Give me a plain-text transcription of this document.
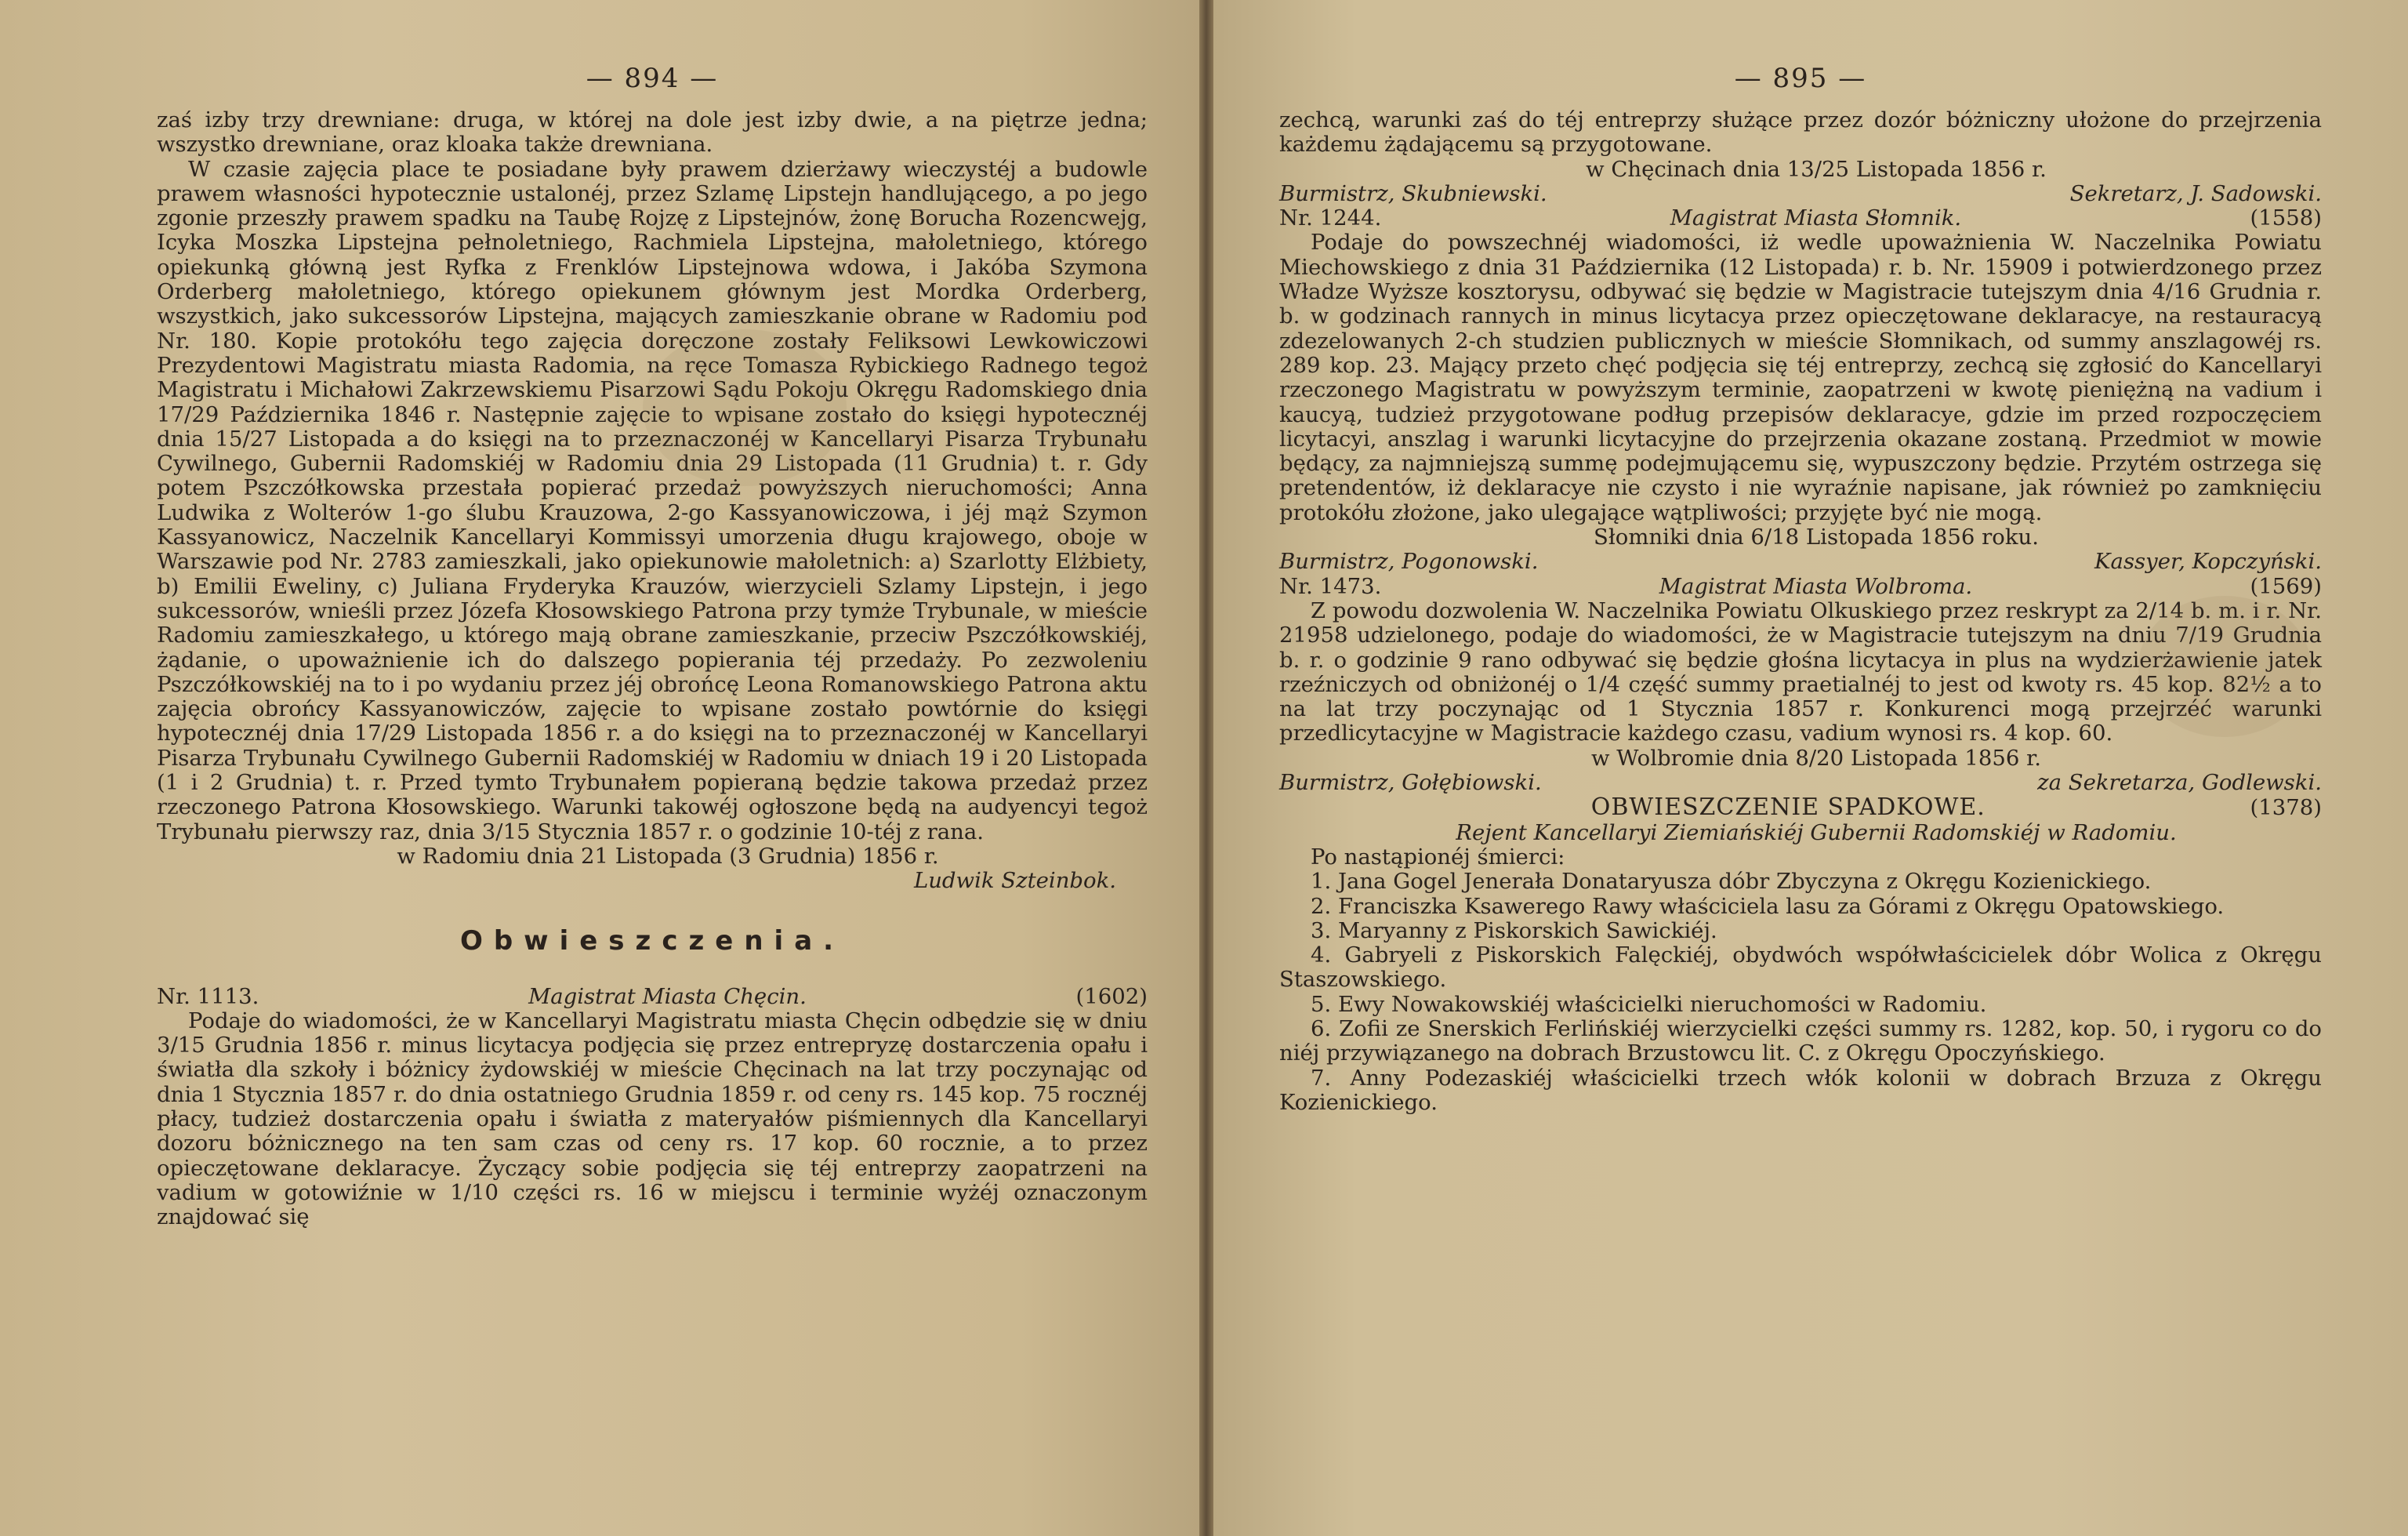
— 894 —

zaś izby trzy drewniane: druga, w której na dole jest izby dwie, a na piętrze jedna; wszystko drewniane, oraz kloaka także drewniana.

W czasie zajęcia place te posiadane były prawem dzierżawy wieczystéj a budowle prawem własności hypotecznie ustalonéj, przez Szlamę Lipstejn handlującego, a po jego zgonie przeszły prawem spadku na Taubę Rojzę z Lipstejnów, żonę Borucha Rozencwejg, Icyka Moszka Lipstejna pełnoletniego, Rachmiela Lipstejna, małoletniego, którego opiekunką główną jest Ryfka z Frenklów Lipstejnowa wdowa, i Jakóba Szymona Orderberg małoletniego, którego opiekunem głównym jest Mordka Orderberg, wszystkich, jako sukcessorów Lipstejna, mających zamieszkanie obrane w Radomiu pod Nr. 180. Kopie protokółu tego zajęcia doręczone zostały Feliksowi Lewkowiczowi Prezydentowi Magistratu miasta Radomia, na ręce Tomasza Rybickiego Radnego tegoż Magistratu i Michałowi Zakrzewskiemu Pisarzowi Sądu Pokoju Okręgu Radomskiego dnia 17/29 Października 1846 r. Następnie zajęcie to wpisane zostało do księgi hypotecznéj dnia 15/27 Listopada a do księgi na to przeznaczonéj w Kancellaryi Pisarza Trybunału Cywilnego, Gubernii Radomskiéj w Radomiu dnia 29 Listopada (11 Grudnia) t. r. Gdy potem Pszczółkowska przestała popierać przedaż powyższych nieruchomości; Anna Ludwika z Wolterów 1-go ślubu Krauzowa, 2-go Kassyanowiczowa, i jéj mąż Szymon Kassyanowicz, Naczelnik Kancellaryi Kommissyi umorzenia długu krajowego, oboje w Warszawie pod Nr. 2783 zamieszkali, jako opiekunowie małoletnich: a) Szarlotty Elżbiety, b) Emilii Eweliny, c) Juliana Fryderyka Krauzów, wierzycieli Szlamy Lipstejn, i jego sukcessorów, wnieśli przez Józefa Kłosowskiego Patrona przy tymże Trybunale, w mieście Radomiu zamieszkałego, u którego mają obrane zamieszkanie, przeciw Pszczółkowskiéj, żądanie, o upoważnienie ich do dalszego popierania téj przedaży. Po zezwoleniu Pszczółkowskiéj na to i po wydaniu przez jéj obrońcę Leona Romanowskiego Patrona aktu zajęcia obrońcy Kassyanowiczów, zajęcie to wpisane zostało powtórnie do księgi hypotecznéj dnia 17/29 Listopada 1856 r. a do księgi na to przeznaczonéj w Kancellaryi Pisarza Trybunału Cywilnego Gubernii Radomskiéj w Radomiu w dniach 19 i 20 Listopada (1 i 2 Grudnia) t. r. Przed tymto Trybunałem popieraną będzie takowa przedaż przez rzeczonego Patrona Kłosowskiego. Warunki takowéj ogłoszone będą na audyencyi tegoż Trybunału pierwszy raz, dnia 3/15 Stycznia 1857 r. o godzinie 10-téj z rana.

w Radomiu dnia 21 Listopada (3 Grudnia) 1856 r.

Ludwik Szteinbok.

Obwieszczenia.
Nr. 1113.	Magistrat Miasta Chęcin.	(1602)

Podaje do wiadomości, że w Kancellaryi Magistratu miasta Chęcin odbędzie się w dniu 3/15 Grudnia 1856 r. minus licytacya podjęcia się przez entrepryzę dostarczenia opału i światła dla szkoły i bóżnicy żydowskiéj w mieście Chęcinach na lat trzy poczynając od dnia 1 Stycznia 1857 r. do dnia ostatniego Grudnia 1859 r. od ceny rs. 145 kop. 75 rocznéj płacy, tudzież dostarczenia opału i światła z materyałów piśmiennych dla Kancellaryi dozoru bóżnicznego na ten sam czas od ceny rs. 17 kop. 60 rocznie, a to przez opieczętowane deklaracye. Życzący sobie podjęcia się téj entreprzy zaopatrzeni na vadium w gotowiźnie w 1/10 części rs. 16 w miejscu i terminie wyżéj oznaczonym znajdować się

— 895 —

zechcą, warunki zaś do téj entreprzy służące przez dozór bóżniczny ułożone do przejrzenia każdemu żądającemu są przygotowane.

w Chęcinach dnia 13/25 Listopada 1856 r.

Burmistrz, Skubniewski.	Sekretarz, J. Sadowski.
Nr. 1244.	Magistrat Miasta Słomnik.	(1558)

Podaje do powszechnéj wiadomości, iż wedle upoważnienia W. Naczelnika Powiatu Miechowskiego z dnia 31 Października (12 Listopada) r. b. Nr. 15909 i potwierdzonego przez Władze Wyższe kosztorysu, odbywać się będzie w Magistracie tutejszym dnia 4/16 Grudnia r. b. w godzinach rannych in minus licytacya przez opieczętowane deklaracye, na restauracyą zdezelowanych 2-ch studzien publicznych w mieście Słomnikach, od summy anszlagowéj rs. 289 kop. 23. Mający przeto chęć podjęcia się téj entreprzy, zechcą się zgłosić do Kancellaryi rzeczonego Magistratu w powyższym terminie, zaopatrzeni w kwotę pieniężną na vadium i kaucyą, tudzież przygotowane podług przepisów deklaracye, gdzie im przed rozpoczęciem licytacyi, anszlag i warunki licytacyjne do przejrzenia okazane zostaną. Przedmiot w mowie będący, za najmniejszą summę podejmującemu się, wypuszczony będzie. Przytém ostrzega się pretendentów, iż deklaracye nie czysto i nie wyraźnie napisane, jak również po zamknięciu protokółu złożone, jako ulegające wątpliwości; przyjęte być nie mogą.

Słomniki dnia 6/18 Listopada 1856 roku.

Burmistrz, Pogonowski.	Kassyer, Kopczyński.
Nr. 1473.	Magistrat Miasta Wolbroma.	(1569)

Z powodu dozwolenia W. Naczelnika Powiatu Olkuskiego przez reskrypt za 2/14 b. m. i r. Nr. 21958 udzielonego, podaje do wiadomości, że w Magistracie tutejszym na dniu 7/19 Grudnia b. r. o godzinie 9 rano odbywać się będzie głośna licytacya in plus na wydzierżawienie jatek rzeźniczych od obniżonéj o 1/4 część summy praetialnéj to jest od kwoty rs. 45 kop. 82½ a to na lat trzy poczynając od 1 Stycznia 1857 r. Konkurenci mogą przejrzéć warunki przedlicytacyjne w Magistracie każdego czasu, vadium wynosi rs. 4 kop. 60.

w Wolbromie dnia 8/20 Listopada 1856 r.

Burmistrz, Gołębiowski.	za Sekretarza, Godlewski.
OBWIESZCZENIE SPADKOWE.	(1378)

Rejent Kancellaryi Ziemiańskiéj Gubernii Radomskiéj w Radomiu.

Po nastąpionéj śmierci:

1. Jana Gogel Jenerała Donataryusza dóbr Zbyczyna z Okręgu Kozienickiego.

2. Franciszka Ksawerego Rawy właściciela lasu za Górami z Okręgu Opatowskiego.

3. Maryanny z Piskorskich Sawickiéj.

4. Gabryeli z Piskorskich Falęckiéj, obydwóch współwłaścicielek dóbr Wolica z Okręgu Staszowskiego.

5. Ewy Nowakowskiéj właścicielki nieruchomości w Radomiu.

6. Zofii ze Snerskich Ferlińskiéj wierzycielki części summy rs. 1282, kop. 50, i rygoru co do niéj przywiązanego na dobrach Brzustowcu lit. C. z Okręgu Opoczyńskiego.

7. Anny Podezaskiéj właścicielki trzech włók kolonii w dobrach Brzuza z Okręgu Kozienickiego.
